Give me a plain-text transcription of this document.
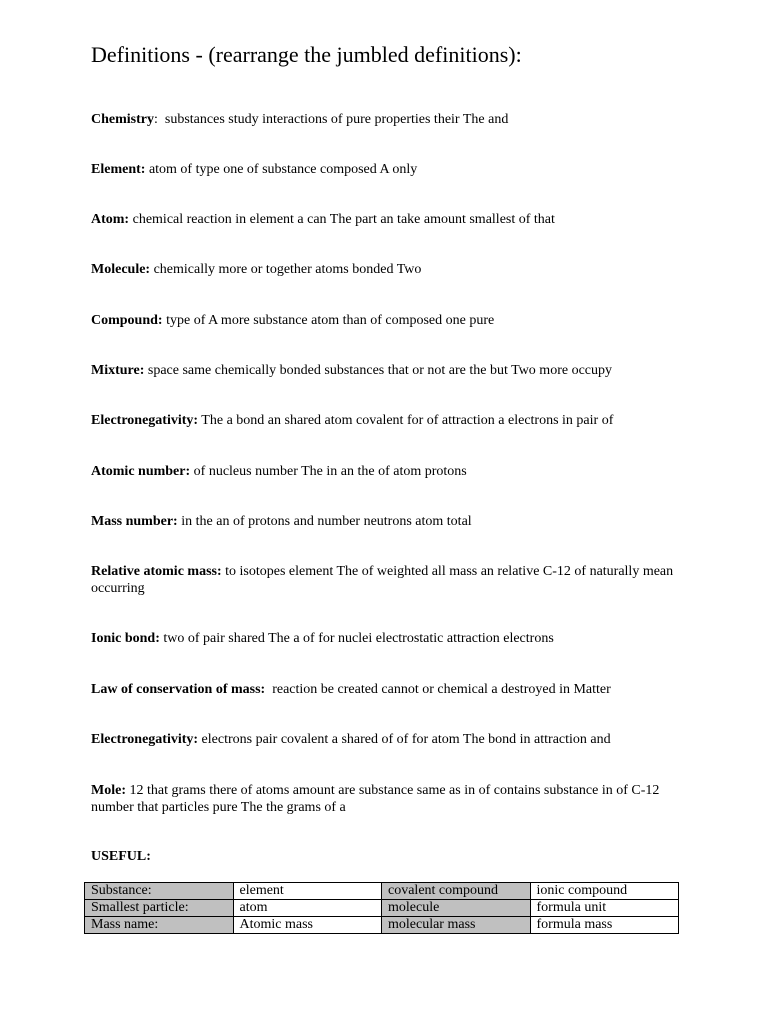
Definitions - (rearrange the jumbled definitions):
Chemistry:  substances study interactions of pure properties their The and
Element: atom of type one of substance composed A only
Atom: chemical reaction in element a can The part an take amount smallest of that
Molecule: chemically more or together atoms bonded Two
Compound: type of A more substance atom than of composed one pure
Mixture: space same chemically bonded substances that or not are the but Two more occupy
Electronegativity: The a bond an shared atom covalent for of attraction a electrons in pair of
Atomic number: of nucleus number The in an the of atom protons
Mass number: in the an of protons and number neutrons atom total
Relative atomic mass: to isotopes element The of weighted all mass an relative C-12 of naturally mean occurring
Ionic bond: two of pair shared The a of for nuclei electrostatic attraction electrons
Law of conservation of mass: reaction be created cannot or chemical a destroyed in Matter
Electronegativity: electrons pair covalent a shared of of for atom The bond in attraction and
Mole: 12 that grams there of atoms amount are substance same as in of contains substance in of C-12 number that particles pure The the grams of a
USEFUL:
Substance:	element	covalent compound	ionic compound
Smallest particle:	atom	molecule	formula unit
Mass name:	Atomic mass	molecular mass	formula mass
